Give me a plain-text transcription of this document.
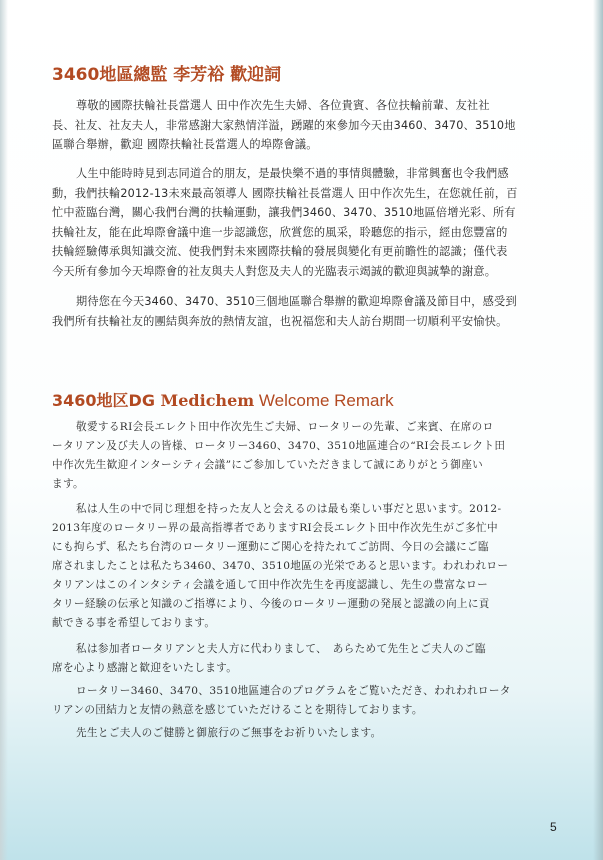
3460地區總監 李芳裕 歡迎詞
尊敬的國際扶輪社長當選人 田中作次先生夫婦、各位貴賓、各位扶輪前輩、友社社
長、社友、社友夫人，非常感謝大家熱情洋溢，踴躍的來參加今天由3460、3470、3510地
區聯合舉辦，歡迎 國際扶輪社長當選人的埠際會議。
人生中能時時見到志同道合的朋友，是最快樂不過的事情與體驗，非常興奮也令我們感
動，我們扶輪2012-13未來最高領導人 國際扶輪社長當選人 田中作次先生，在您就任前，百
忙中蒞臨台灣，關心我們台灣的扶輪運動，讓我們3460、3470、3510地區倍增光彩、所有
扶輪社友，能在此埠際會議中進一步認識您，欣賞您的風采，聆聽您的指示，經由您豐富的
扶輪經驗傳承與知識交流、使我們對未來國際扶輪的發展與變化有更前瞻性的認識；僅代表
今天所有參加今天埠際會的社友與夫人對您及夫人的光臨表示竭誠的歡迎與誠摯的謝意。
期待您在今天3460、3470、3510三個地區聯合舉辦的歡迎埠際會議及節目中，感受到
我們所有扶輪社友的團結與奔放的熱情友誼，也祝福您和夫人訪台期間一切順利平安愉快。
3460地区DG Medichem Welcome Remark
敬愛するRI会長エレクト田中作次先生ご夫婦、ロータリーの先輩、ご来賓、在席のロ
ータリアン及び夫人の皆様、ロータリー3460、3470、3510地區連合の“RI会長エレクト田
中作次先生歓迎インターシティ会議”にご参加していただきまして誠にありがとう御座い
ます。
私は人生の中で同じ理想を持った友人と会えるのは最も楽しい事だと思います。2012-
2013年度のロータリー界の最高指導者でありますRI会長エレクト田中作次先生がご多忙中
にも拘らず、私たち台湾のロータリー運動にご関心を持たれてご訪問、今日の会議にご臨
席されましたことは私たち3460、3470、3510地區の光栄であると思います。われわれロー
タリアンはこのインタシティ会議を通して田中作次先生を再度認識し、先生の豊富なロー
タリー経験の伝承と知識のご指導により、今後のロータリー運動の発展と認識の向上に貢
献できる事を希望しております。
私は参加者ロータリアンと夫人方に代わりまして、　あらためて先生とご夫人のご臨
席を心より感謝と歓迎をいたします。
ロータリー3460、3470、3510地區連合のプログラムをご覧いただき、われわれロータ
リアンの団結力と友情の熱意を感じていただけることを期待しております。
先生とご夫人のご健勝と御旅行のご無事をお祈りいたします。
5
